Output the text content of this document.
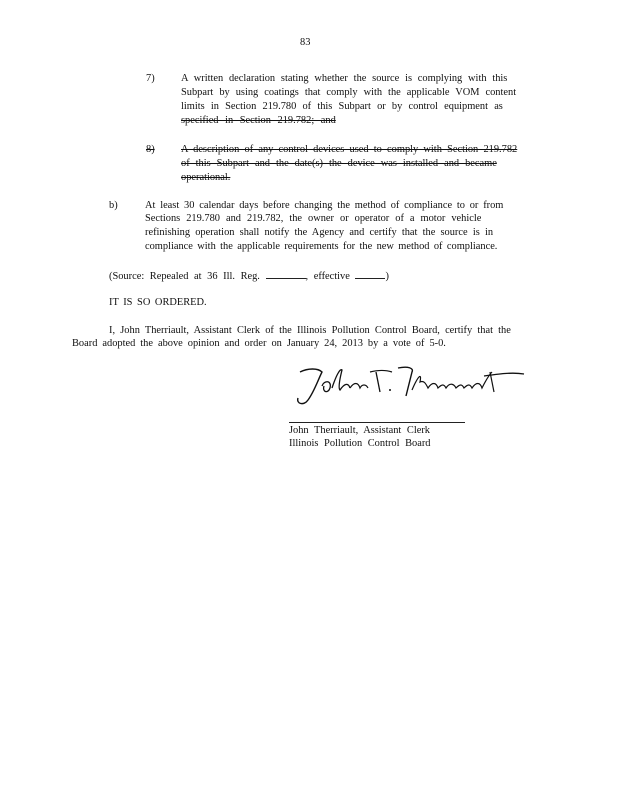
83
7)	A written declaration stating whether the source is complying with this
Subpart by using coatings that comply with the applicable VOM content
limits in Section 219.780 of this Subpart or by control equipment as
specified in Section 219.782; and
8)	A description of any control devices used to comply with Section 219.782
of this Subpart and the date(s) the device was installed and became
operational.
b)	At least 30 calendar days before changing the method of compliance to or from
Sections 219.780 and 219.782, the owner or operator of a motor vehicle
refinishing operation shall notify the Agency and certify that the source is in
compliance with the applicable requirements for the new method of compliance.
(Source: Repealed at 36 Ill. Reg.	, effective	)
IT IS SO ORDERED.
I, John Therriault, Assistant Clerk of the Illinois Pollution Control Board, certify that the
Board adopted the above opinion and order on January 24, 2013 by a vote of 5-0.
John Therriault, Assistant Clerk
Illinois Pollution Control Board
